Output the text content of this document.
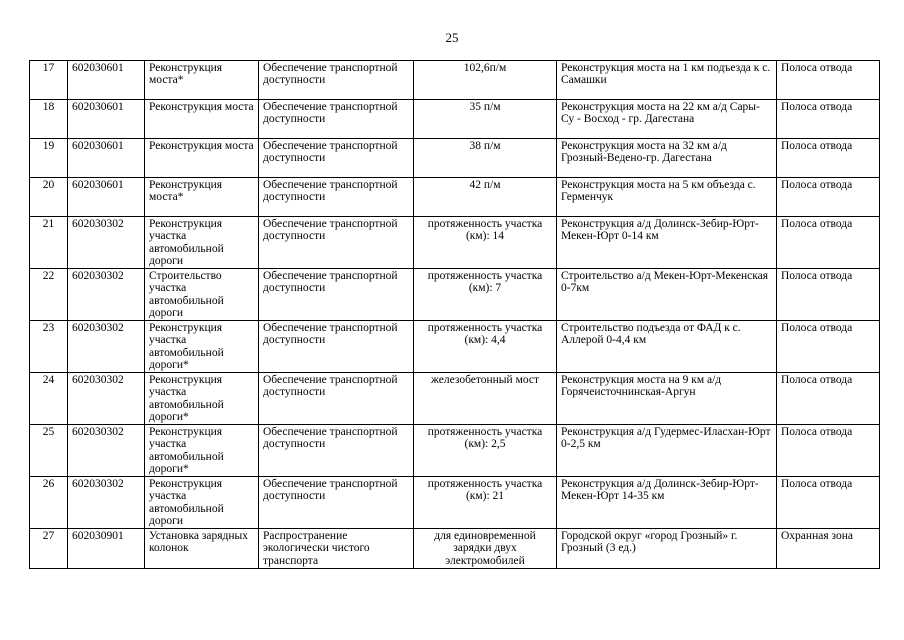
25
17	602030601	Реконструкция моста*	Обеспечение транспортной доступности	102,6п/м	Реконструкция моста на 1 км подъезда к с. Самашки	Полоса отвода
18	602030601	Реконструкция моста	Обеспечение транспортной доступности	35 п/м	Реконструкция моста на 22 км а/д Сары-Су - Восход - гр. Дагестана	Полоса отвода
19	602030601	Реконструкция моста	Обеспечение транспортной доступности	38 п/м	Реконструкция моста на 32 км а/д Грозный-Ведено-гр. Дагестана	Полоса отвода
20	602030601	Реконструкция моста*	Обеспечение транспортной доступности	42 п/м	Реконструкция моста на 5 км объезда с. Герменчук	Полоса отвода
21	602030302	Реконструкция участка автомобильной дороги	Обеспечение транспортной доступности	протяженность участка (км): 14	Реконструкция а/д Долинск-Зебир-Юрт-Мекен-Юрт 0-14 км	Полоса отвода
22	602030302	Строительство участка автомобильной дороги	Обеспечение транспортной доступности	протяженность участка (км): 7	Строительство а/д Мекен-Юрт-Мекенская 0-7км	Полоса отвода
23	602030302	Реконструкция участка автомобильной дороги*	Обеспечение транспортной доступности	протяженность участка (км): 4,4	Строительство подъезда от ФАД к с. Аллерой 0-4,4 км	Полоса отвода
24	602030302	Реконструкция участка автомобильной дороги*	Обеспечение транспортной доступности	железобетонный мост	Реконструкция моста на 9 км а/д Горячеисточнинская-Аргун	Полоса отвода
25	602030302	Реконструкция участка автомобильной дороги*	Обеспечение транспортной доступности	протяженность участка (км): 2,5	Реконструкция а/д Гудермес-Иласхан-Юрт 0-2,5 км	Полоса отвода
26	602030302	Реконструкция участка автомобильной дороги	Обеспечение транспортной доступности	протяженность участка (км): 21	Реконструкция а/д Долинск-Зебир-Юрт-Мекен-Юрт 14-35 км	Полоса отвода
27	602030901	Установка зарядных колонок	Распространение экологически чистого транспорта	для единовременной зарядки двух электромобилей	Городской округ «город Грозный» г. Грозный (3 ед.)	Охранная зона
